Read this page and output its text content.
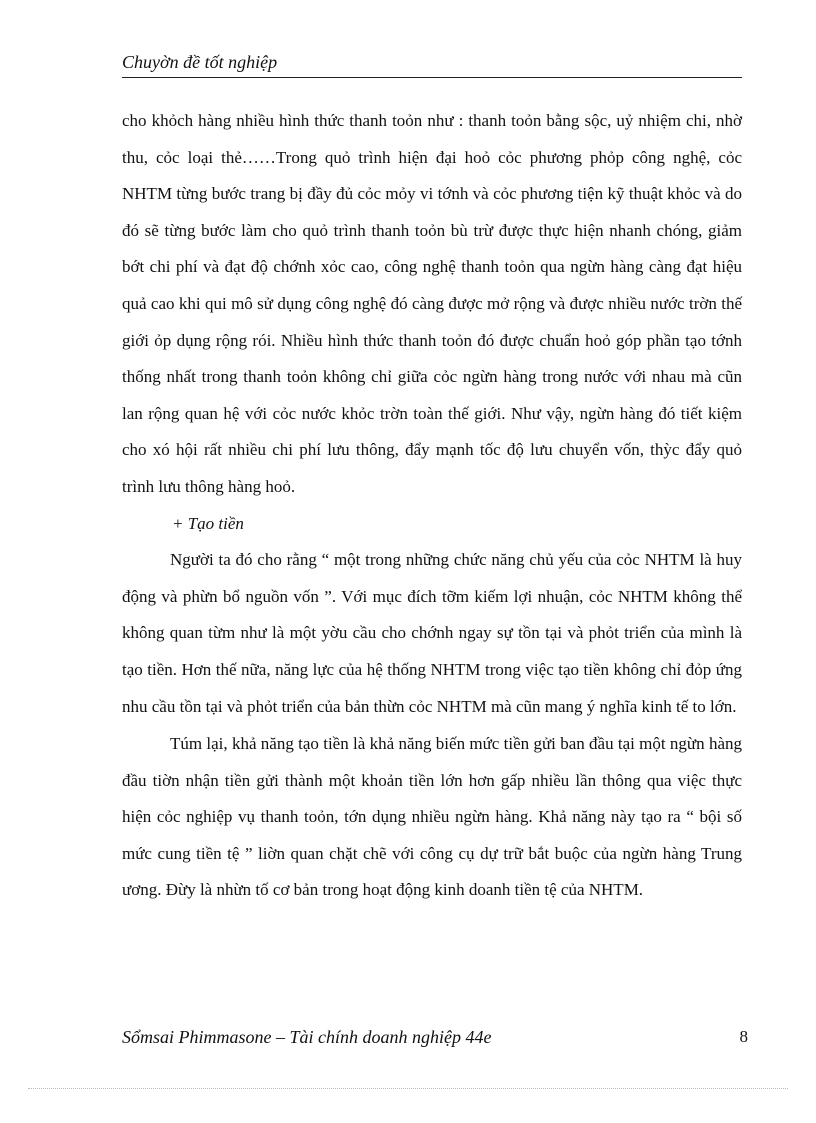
Chuyờn đề tốt nghiệp

cho khỏch hàng nhiều hình thức thanh toỏn như : thanh toỏn bằng sộc, uỷ nhiệm chi, nhờ thu, cỏc loại thẻ……Trong quỏ trình hiện đại hoỏ cỏc phương phỏp công nghệ, cỏc NHTM từng bước trang bị đầy đủ cỏc mỏy vi tớnh và cỏc phương tiện kỹ thuật khỏc và do đó sẽ từng bước làm cho quỏ trình thanh toỏn bù trừ được thực hiện nhanh chóng, giảm bớt chi phí và đạt độ chớnh xỏc cao, công nghệ thanh toỏn qua ngừn hàng càng đạt hiệu quả cao khi qui mô sử dụng công nghệ đó càng được mở rộng và được nhiều nước trờn thế giới ỏp dụng rộng rói. Nhiều hình thức thanh toỏn đó được chuẩn hoỏ góp phần tạo tớnh thống nhất trong thanh toỏn không chỉ giữa cỏc ngừn hàng trong nước với nhau mà cũn lan rộng quan hệ với cỏc nước khỏc trờn toàn thế giới. Như vậy, ngừn hàng đó tiết kiệm cho xó hội rất nhiều chi phí lưu thông, đẩy mạnh tốc độ lưu chuyển vốn, thỳc đẩy quỏ trình lưu thông hàng hoỏ.

+ Tạo tiền

Người ta đó cho rằng “ một trong những chức năng chủ yếu của cỏc NHTM là huy động và phừn bổ nguồn vốn ”. Với mục đích tỡm kiếm lợi nhuận, cỏc NHTM không thể không quan từm như là một yờu cầu cho chớnh ngay sự tồn tại và phỏt triển của mình là tạo tiền. Hơn thế nữa, năng lực của hệ thống NHTM trong việc tạo tiền không chỉ đỏp ứng nhu cầu tồn tại và phỏt triển của bản thừn cỏc NHTM mà cũn mang ý nghĩa kinh tế to lớn.

Túm lại, khả năng tạo tiền là khả năng biến mức tiền gửi ban đầu tại một ngừn hàng đầu tiờn nhận tiền gửi thành một khoản tiền lớn hơn gấp nhiều lần thông qua việc thực hiện cỏc nghiệp vụ thanh toỏn, tớn dụng nhiều ngừn hàng. Khả năng này tạo ra “ bội số mức cung tiền tệ ” liờn quan chặt chẽ với công cụ dự trữ bắt buộc của ngừn hàng Trung ương. Đừy là nhừn tố cơ bản trong hoạt động kinh doanh tiền tệ của NHTM.

Sổmsai Phimmasone – Tài chính doanh nghiệp 44e	8
